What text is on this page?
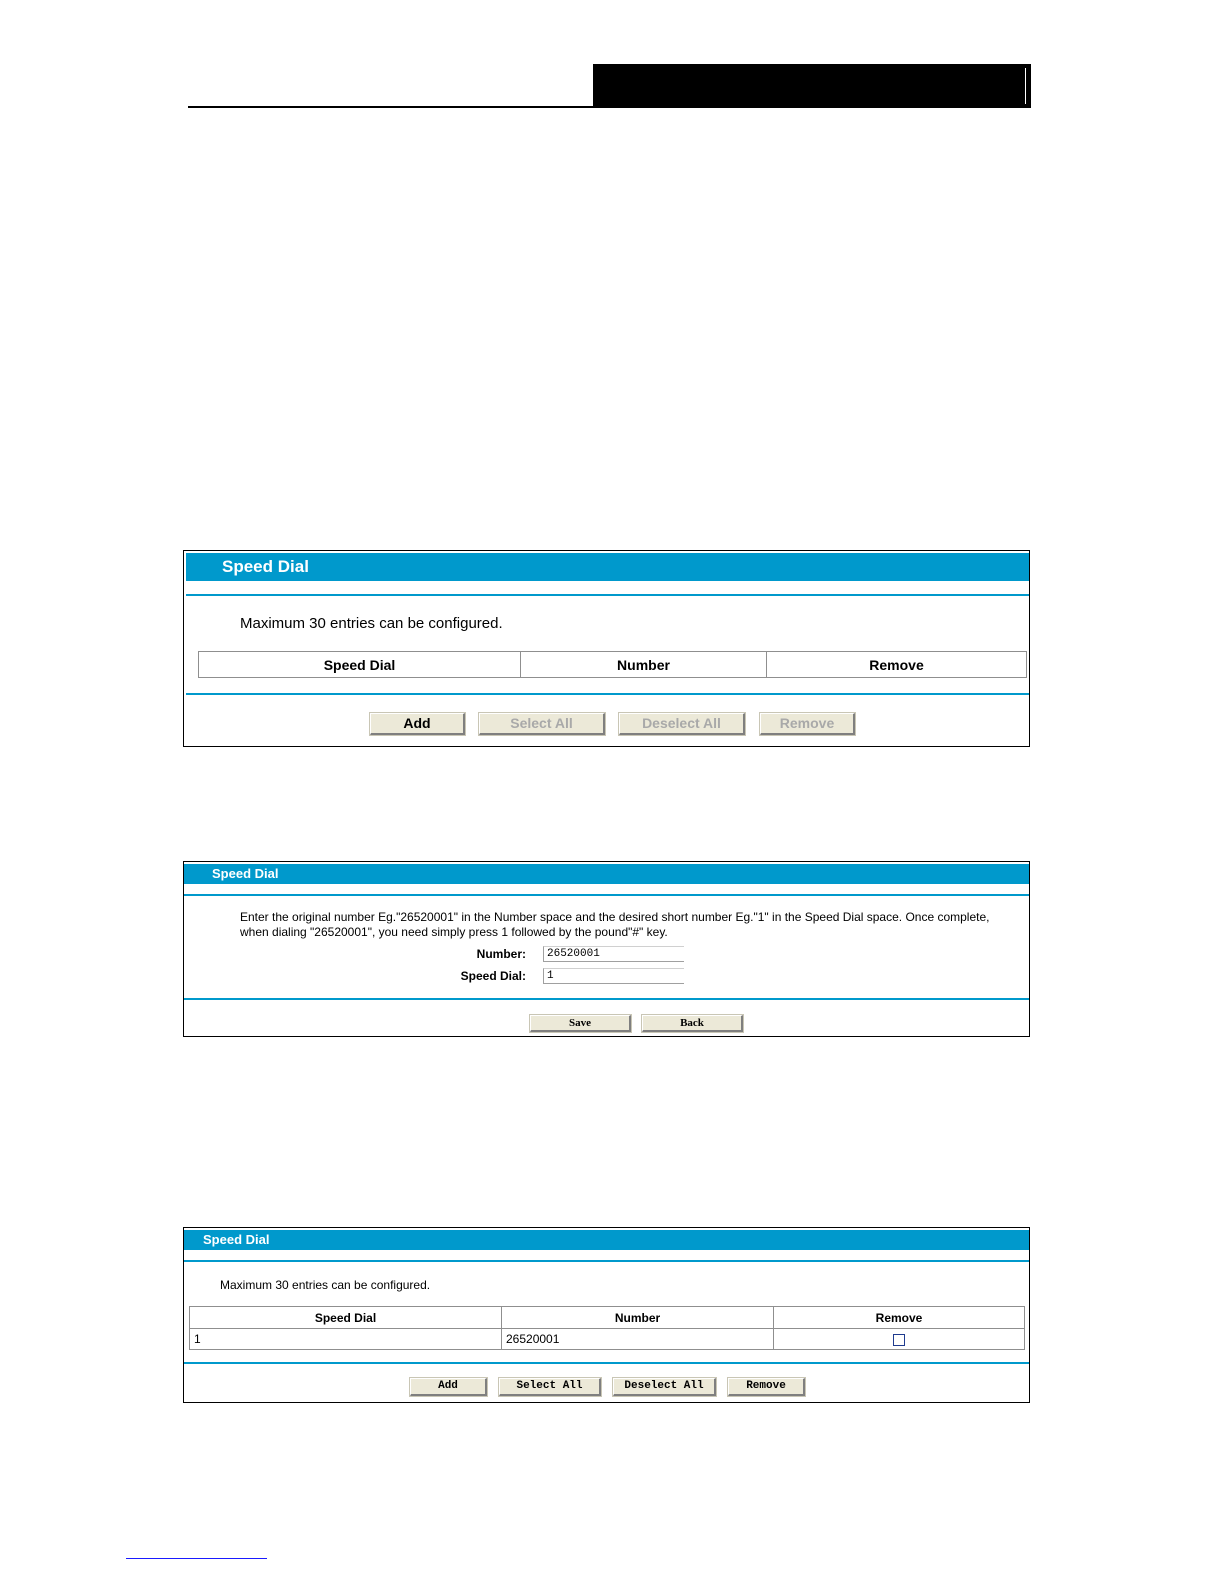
Speed Dial
Maximum 30 entries can be configured.
Speed Dial	Number	Remove
Add	Select All	Deselect All	Remove
Speed Dial
Enter the original number Eg."26520001" in the Number space and the desired short number Eg."1" in the Speed Dial space. Once complete, when dialing "26520001", you need simply press 1 followed by the pound"#" key.
Number:	26520001
Speed Dial:	1
Save	Back
Speed Dial
Maximum 30 entries can be configured.
Speed Dial	Number	Remove
1	26520001	
Add	Select All	Deselect All	Remove
